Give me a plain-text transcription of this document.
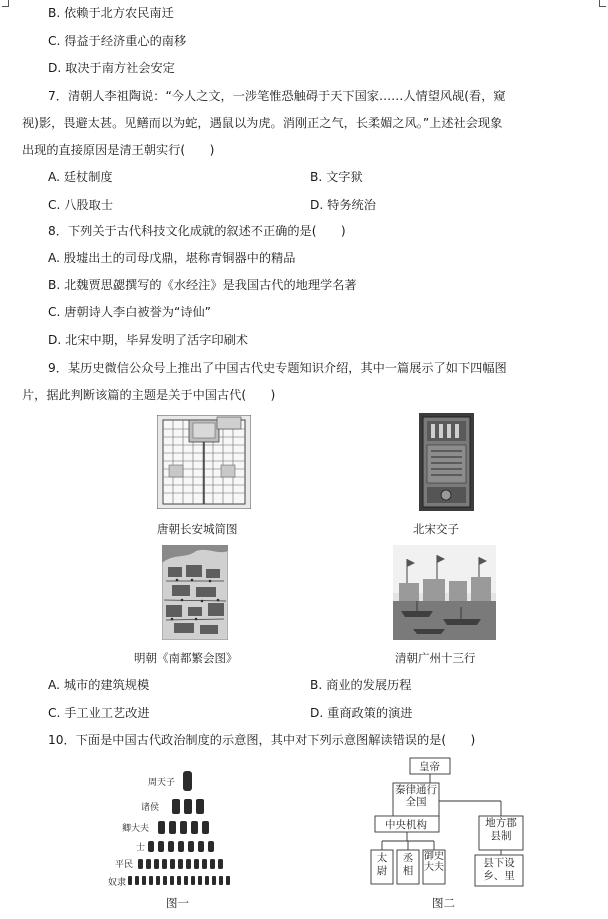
B. 依赖于北方农民南迁
C. 得益于经济重心的南移
D. 取决于南方社会安定
7．清朝人李祖陶说：“今人之文，一涉笔惟恐触碍于天下国家……人情望风觇(看，窥
视)影，畏避太甚。见鳝而以为蛇，遇鼠以为虎。消刚正之气，长柔媚之风。”上述社会现象
出现的直接原因是清王朝实行(　　)
A. 廷杖制度	B. 文字狱
C. 八股取士	D. 特务统治
8．下列关于古代科技文化成就的叙述不正确的是(　　)
A. 殷墟出土的司母戊鼎，堪称青铜器中的精品
B. 北魏贾思勰撰写的《水经注》是我国古代的地理学名著
C. 唐朝诗人李白被誉为“诗仙”
D. 北宋中期，毕昇发明了活字印刷术
9．某历史微信公众号上推出了中国古代史专题知识介绍，其中一篇展示了如下四幅图
片，据此判断该篇的主题是关于中国古代(　　)
唐朝长安城简图	北宋交子
明朝《南都繁会图》	清朝广州十三行
A. 城市的建筑规模	B. 商业的发展历程
C. 手工业工艺改进	D. 重商政策的演进
10．下面是中国古代政治制度的示意图，其中对下列示意图解读错误的是(　　)
周天子
诸侯
卿大夫
士
平民
奴隶
图一
皇帝
秦律通行全国
中央机构	地方郡县制
太尉
丞相
御史大夫	县下设乡、里
图二
